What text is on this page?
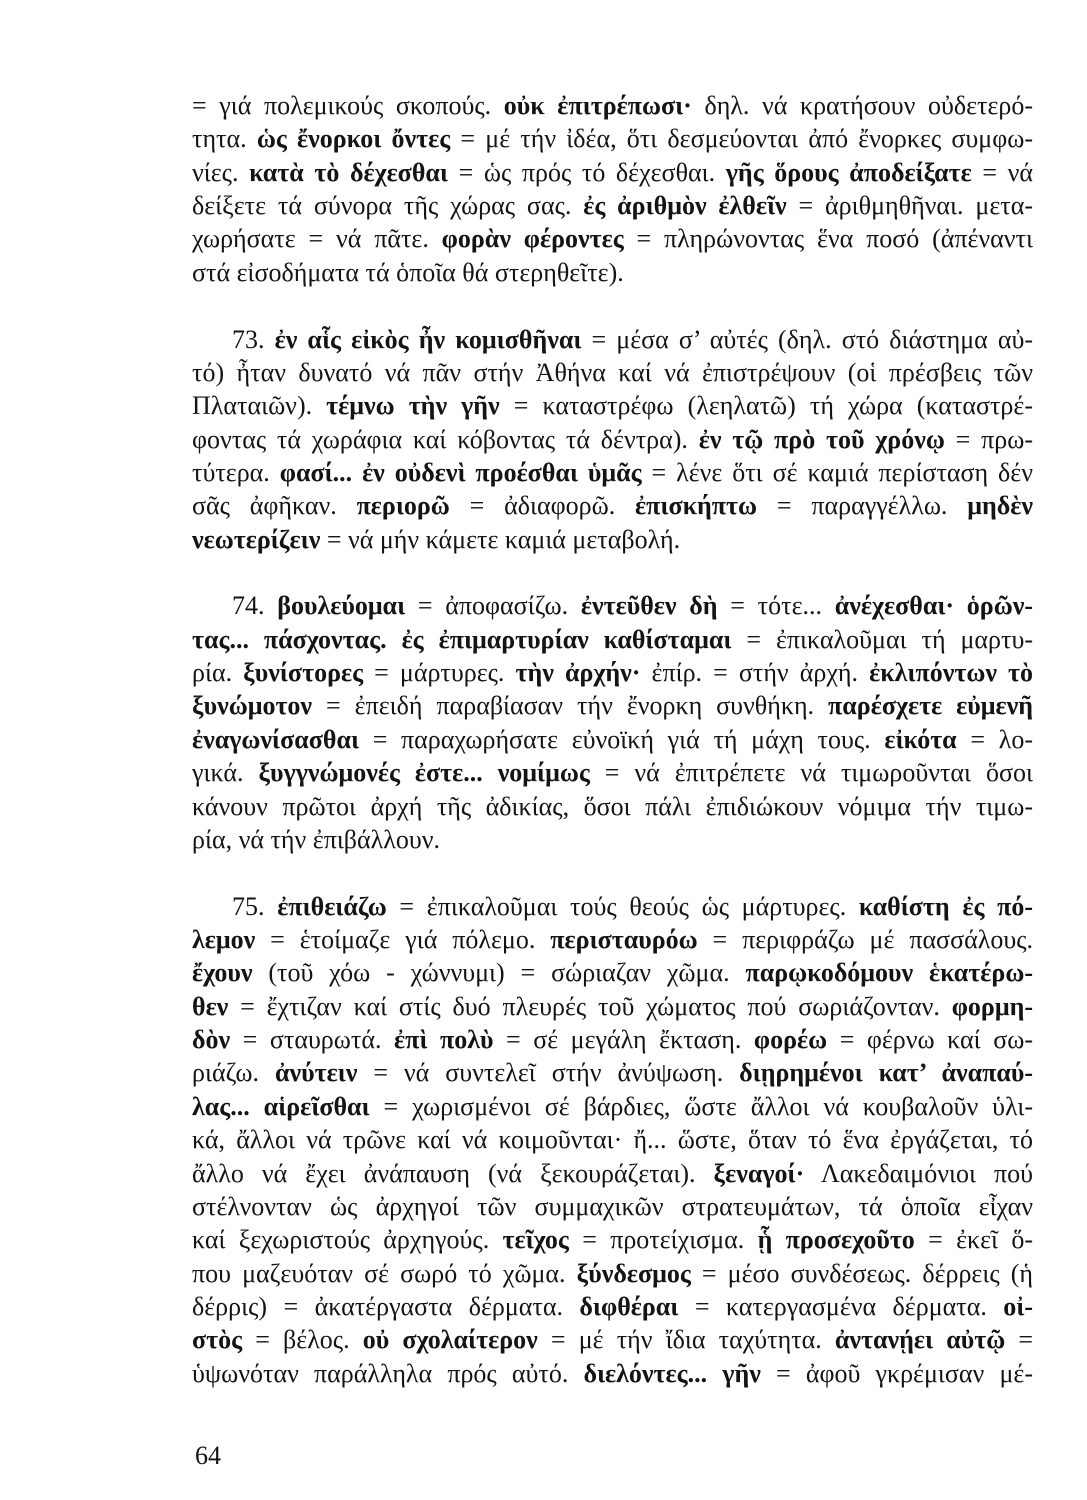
= γιά πολεμικούς σκοπούς. οὐκ ἐπιτρέπωσι· δηλ. νά κρατήσουν οὐδετερό-
τητα. ὡς ἔνορκοι ὄντες = μέ τήν ἰδέα, ὅτι δεσμεύονται ἀπό ἔνορκες συμφω-
νίες. κατὰ τὸ δέχεσθαι = ὡς πρός τό δέχεσθαι. γῆς ὅρους ἀποδείξατε = νά
δείξετε τά σύνορα τῆς χώρας σας. ἐς ἀριθμὸν ἐλθεῖν = ἀριθμηθῆναι. μετα-
χωρήσατε = νά πᾶτε. φορὰν φέροντες = πληρώνοντας ἕνα ποσό (ἀπέναντι
στά εἰσοδήματα τά ὁποῖα θά στερηθεῖτε).
73. ἐν αἷς εἰκὸς ἦν κομισθῆναι = μέσα σ’ αὐτές (δηλ. στό διάστημα αὐ-
τό) ἦταν δυνατό νά πᾶν στήν Ἀθήνα καί νά ἐπιστρέψουν (οἱ πρέσβεις τῶν
Πλαταιῶν). τέμνω τὴν γῆν = καταστρέφω (λεηλατῶ) τή χώρα (καταστρέ-
φοντας τά χωράφια καί κόβοντας τά δέντρα). ἐν τῷ πρὸ τοῦ χρόνῳ = πρω-
τύτερα. φασί... ἐν οὐδενὶ προέσθαι ὑμᾶς = λένε ὅτι σέ καμιά περίσταση δέν
σᾶς ἀφῆκαν. περιορῶ = ἀδιαφορῶ. ἐπισκήπτω = παραγγέλλω. μηδὲν
νεωτερίζειν = νά μήν κάμετε καμιά μεταβολή.
74. βουλεύομαι = ἀποφασίζω. ἐντεῦθεν δὴ = τότε... ἀνέχεσθαι· ὁρῶν-
τας... πάσχοντας. ἐς ἐπιμαρτυρίαν καθίσταμαι = ἐπικαλοῦμαι τή μαρτυ-
ρία. ξυνίστορες = μάρτυρες. τὴν ἀρχήν· ἐπίρ. = στήν ἀρχή. ἐκλιπόντων τὸ
ξυνώμοτον = ἐπειδή παραβίασαν τήν ἔνορκη συνθήκη. παρέσχετε εὐμενῆ
ἐναγωνίσασθαι = παραχωρήσατε εὐνοϊκή γιά τή μάχη τους. εἰκότα = λο-
γικά. ξυγγνώμονές ἐστε... νομίμως = νά ἐπιτρέπετε νά τιμωροῦνται ὅσοι
κάνουν πρῶτοι ἀρχή τῆς ἀδικίας, ὅσοι πάλι ἐπιδιώκουν νόμιμα τήν τιμω-
ρία, νά τήν ἐπιβάλλουν.
75. ἐπιθειάζω = ἐπικαλοῦμαι τούς θεούς ὡς μάρτυρες. καθίστη ἐς πό-
λεμον = ἑτοίμαζε γιά πόλεμο. περισταυρόω = περιφράζω μέ πασσάλους.
ἔχουν (τοῦ χόω - χώννυμι) = σώριαζαν χῶμα. παρῳκοδόμουν ἑκατέρω-
θεν = ἔχτιζαν καί στίς δυό πλευρές τοῦ χώματος πού σωριάζονταν. φορμη-
δὸν = σταυρωτά. ἐπὶ πολὺ = σέ μεγάλη ἔκταση. φορέω = φέρνω καί σω-
ριάζω. ἀνύτειν = νά συντελεῖ στήν ἀνύψωση. διῃρημένοι κατ’ ἀναπαύ-
λας... αἱρεῖσθαι = χωρισμένοι σέ βάρδιες, ὥστε ἄλλοι νά κουβαλοῦν ὑλι-
κά, ἄλλοι νά τρῶνε καί νά κοιμοῦνται· ἤ... ὥστε, ὅταν τό ἕνα ἐργάζεται, τό
ἄλλο νά ἔχει ἀνάπαυση (νά ξεκουράζεται). ξεναγοί· Λακεδαιμόνιοι πού
στέλνονταν ὡς ἀρχηγοί τῶν συμμαχικῶν στρατευμάτων, τά ὁποῖα εἶχαν
καί ξεχωριστούς ἀρχηγούς. τεῖχος = προτείχισμα. ᾗ προσεχοῦτο = ἐκεῖ ὅ-
που μαζευόταν σέ σωρό τό χῶμα. ξύνδεσμος = μέσο συνδέσεως. δέρρεις (ἡ
δέρρις) = ἀκατέργαστα δέρματα. διφθέραι = κατεργασμένα δέρματα. οἰ-
στὸς = βέλος. οὐ σχολαίτερον = μέ τήν ἴδια ταχύτητα. ἀντανῄει αὐτῷ =
ὑψωνόταν παράλληλα πρός αὐτό. διελόντες... γῆν = ἀφοῦ γκρέμισαν μέ-
64
